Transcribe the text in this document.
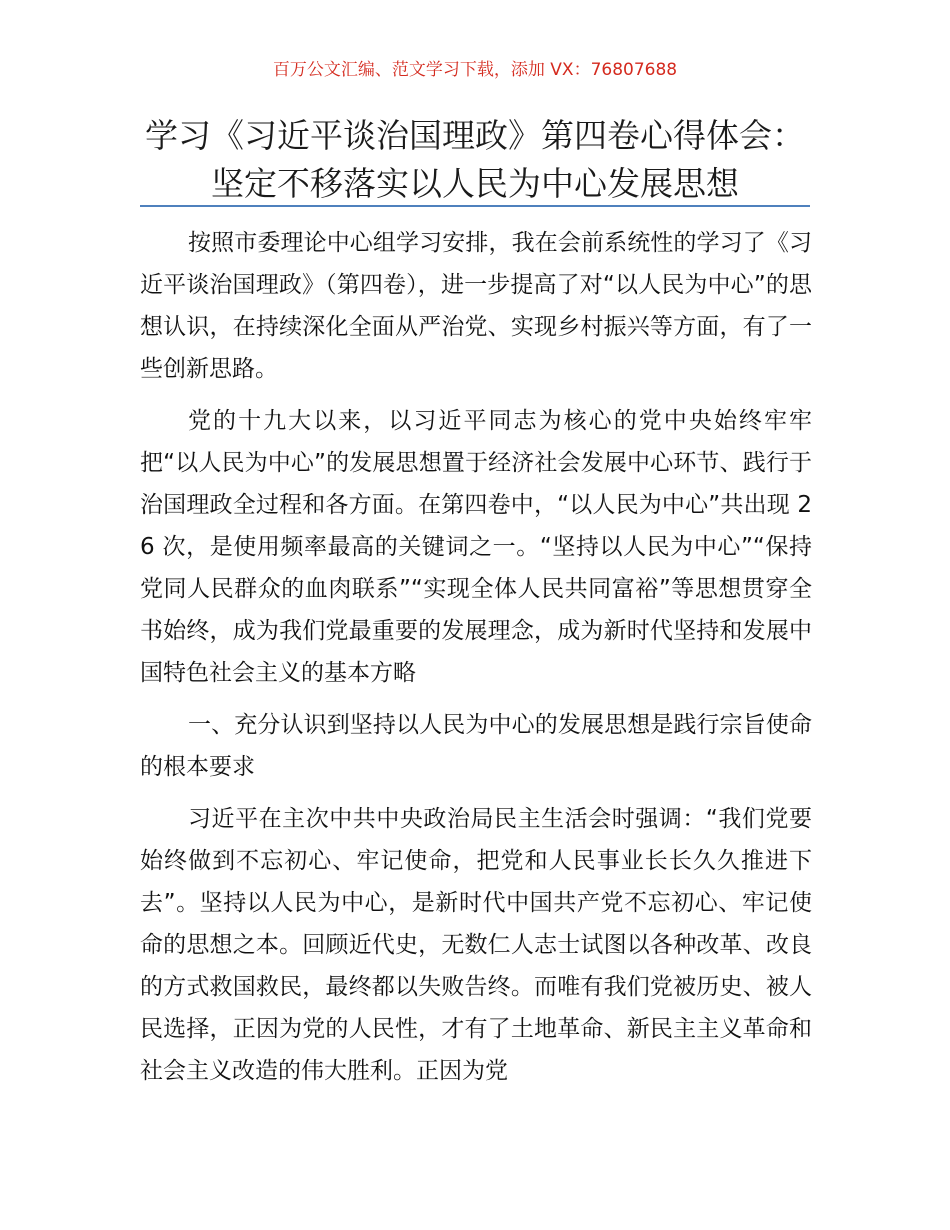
百万公文汇编、范文学习下载，添加 VX：76807688
学习《习近平谈治国理政》第四卷心得体会：
坚定不移落实以人民为中心发展思想

按照市委理论中心组学习安排，我在会前系统性的学习了《习近平谈治国理政》（第四卷），进一步提高了对“以人民为中心”的思想认识，在持续深化全面从严治党、实现乡村振兴等方面，有了一些创新思路。

党的十九大以来，以习近平同志为核心的党中央始终牢牢把“以人民为中心”的发展思想置于经济社会发展中心环节、践行于治国理政全过程和各方面。在第四卷中，“以人民为中心”共出现 26 次，是使用频率最高的关键词之一。“坚持以人民为中心”“保持党同人民群众的血肉联系”“实现全体人民共同富裕”等思想贯穿全书始终，成为我们党最重要的发展理念，成为新时代坚持和发展中国特色社会主义的基本方略

一、充分认识到坚持以人民为中心的发展思想是践行宗旨使命的根本要求

习近平在主次中共中央政治局民主生活会时强调：“我们党要始终做到不忘初心、牢记使命，把党和人民事业长长久久推进下去”。坚持以人民为中心，是新时代中国共产党不忘初心、牢记使命的思想之本。回顾近代史，无数仁人志士试图以各种改革、改良的方式救国救民，最终都以失败告终。而唯有我们党被历史、被人民选择，正因为党的人民性，才有了土地革命、新民主主义革命和社会主义改造的伟大胜利。正因为党
